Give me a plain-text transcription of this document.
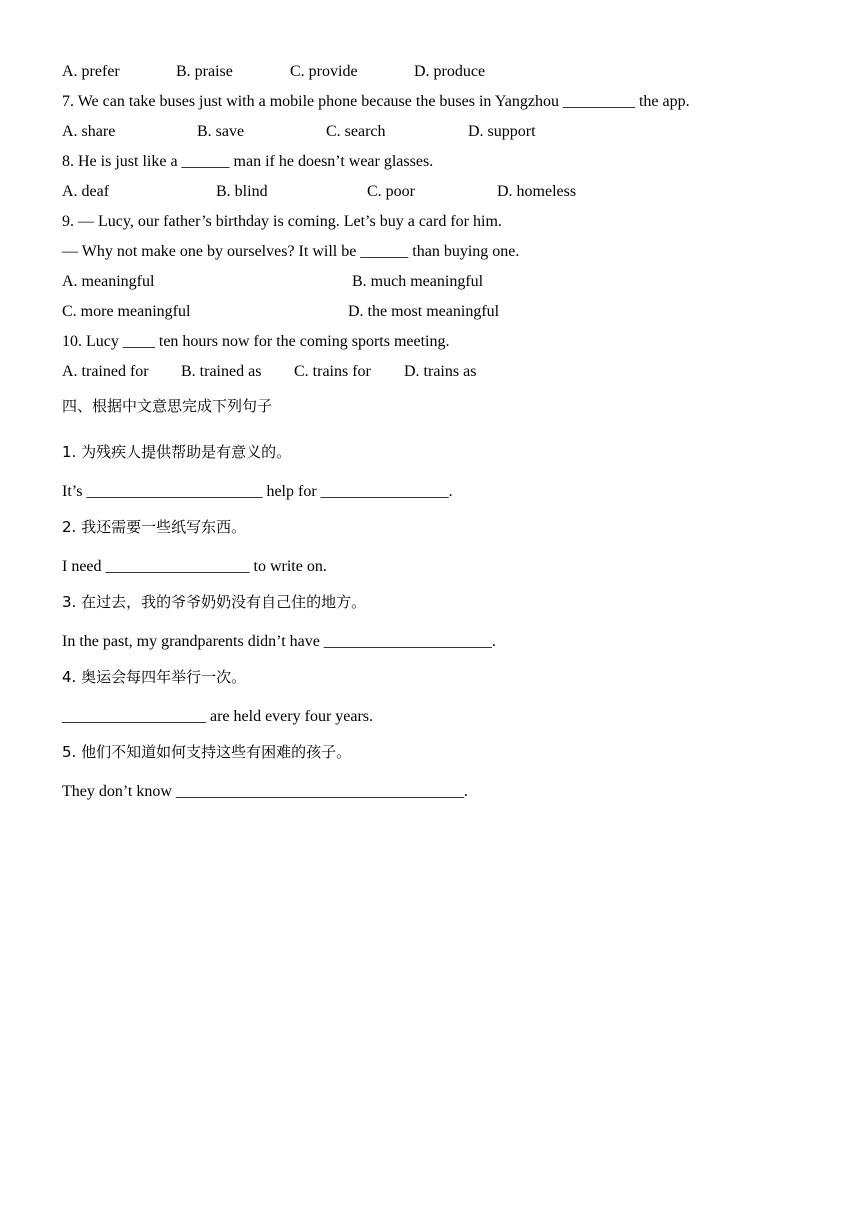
A. prefer	B. praise	C. provide	D. produce
7. We can take buses just with a mobile phone because the buses in Yangzhou _________ the app.
A. share	B. save	C. search	D. support
8. He is just like a ______ man if he doesn’t wear glasses.
A. deaf	B. blind	C. poor	D. homeless
9. — Lucy, our father’s birthday is coming. Let’s buy a card for him.
— Why not make one by ourselves? It will be ______ than buying one.
A. meaningful	B. much meaningful
C. more meaningful	D. the most meaningful
10. Lucy ____ ten hours now for the coming sports meeting.
A. trained for B. trained as C. trains for D. trains as
四、根据中文意思完成下列句子
1. 为残疾人提供帮助是有意义的。
It’s ______________________ help for ________________.
2. 我还需要一些纸写东西。
I need __________________ to write on.
3. 在过去，我的爷爷奶奶没有自己住的地方。
In the past, my grandparents didn’t have _____________________.
4. 奥运会每四年举行一次。
__________________ are held every four years.
5. 他们不知道如何支持这些有困难的孩子。
They don’t know ____________________________________.
